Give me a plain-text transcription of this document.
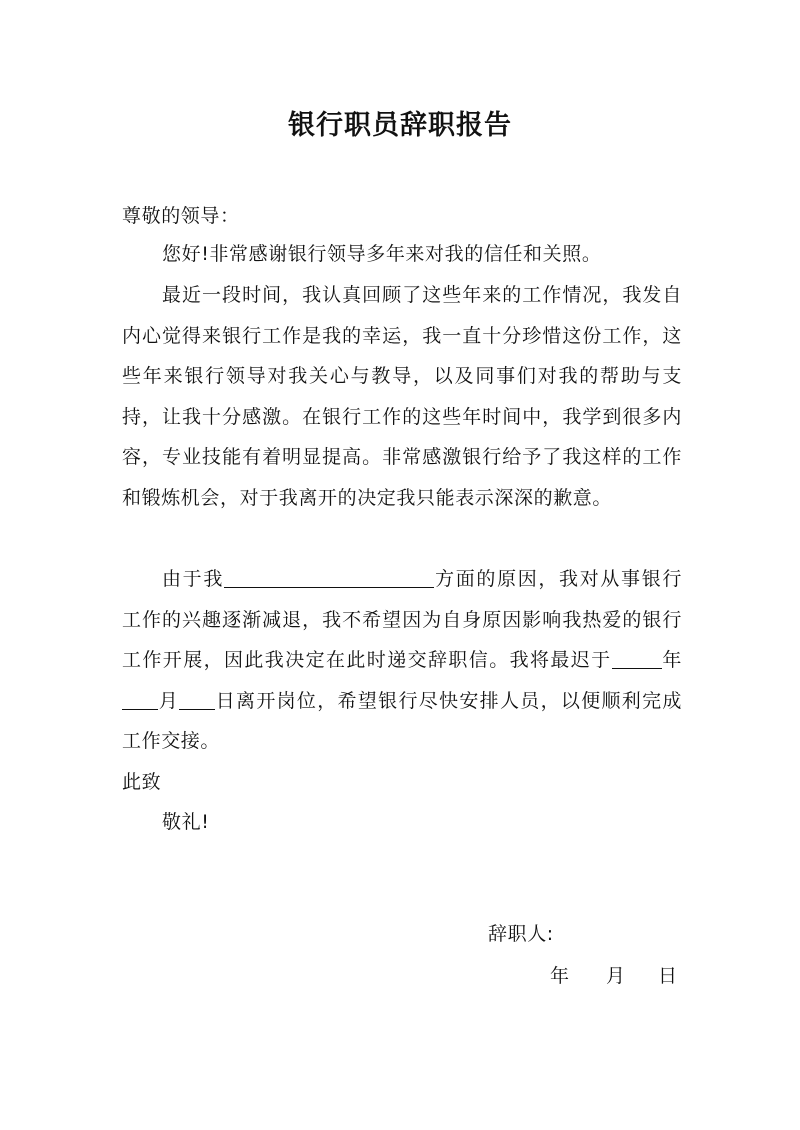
银行职员辞职报告
尊敬的领导：
您好!非常感谢银行领导多年来对我的信任和关照。
最近一段时间，我认真回顾了这些年来的工作情况，我发自内心觉得来银行工作是我的幸运，我一直十分珍惜这份工作，这些年来银行领导对我关心与教导，以及同事们对我的帮助与支持，让我十分感激。在银行工作的这些年时间中，我学到很多内容，专业技能有着明显提高。非常感激银行给予了我这样的工作和锻炼机会，对于我离开的决定我只能表示深深的歉意。
由于我	方面的原因，我对从事银行工作的兴趣逐渐减退，我不希望因为自身原因影响我热爱的银行工作开展，因此我决定在此时递交辞职信。我将最迟于	年月 日离开岗位，希望银行尽快安排人员，以便顺利完成工作交接。
此致
敬礼!
辞职人:
年 月 日
